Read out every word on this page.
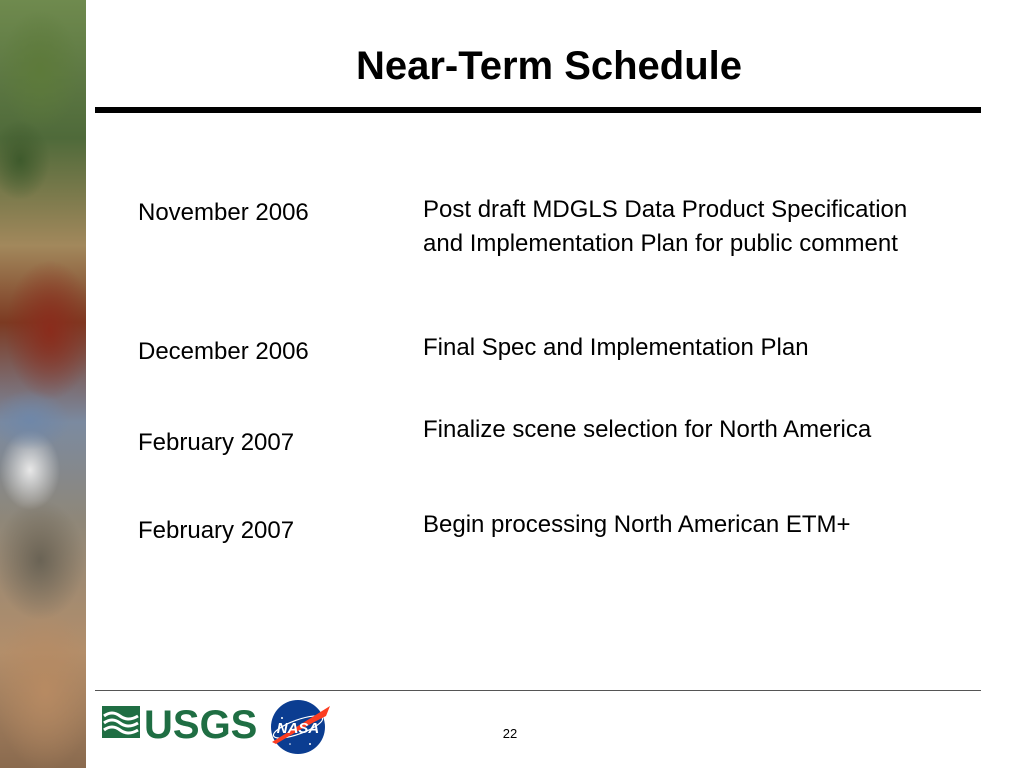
Near-Term Schedule
November 2006	Post draft MDGLS Data Product Specification and Implementation Plan for public comment
December 2006	Final Spec and Implementation Plan
February 2007	Finalize scene selection for North America
February 2007	Begin processing North American ETM+
USGS NASA	22
